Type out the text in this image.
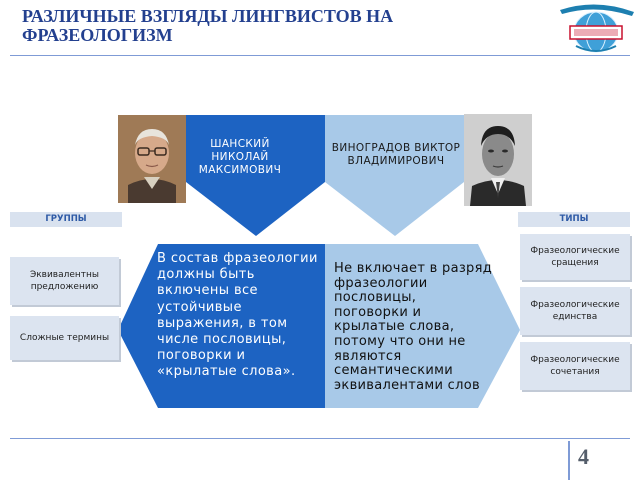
РАЗЛИЧНЫЕ ВЗГЛЯДЫ ЛИНГВИСТОВ НА ФРАЗЕОЛОГИЗМ
ШАНСКИЙ НИКОЛАЙ МАКСИМОВИЧ
ВИНОГРАДОВ ВИКТОР ВЛАДИМИРОВИЧ
ГРУППЫ	ТИПЫ
Эквивалентны предложению
Сложные термины
Фразеологические сращения
Фразеологические единства
Фразеологические сочетания
В состав фразеологии должны быть включены все устойчивые выражения, в том числе пословицы, поговорки и «крылатые слова».
Не включает в разряд фразеологии пословицы, поговорки и крылатые слова, потому что они не являются семантическими эквивалентами слов
4
